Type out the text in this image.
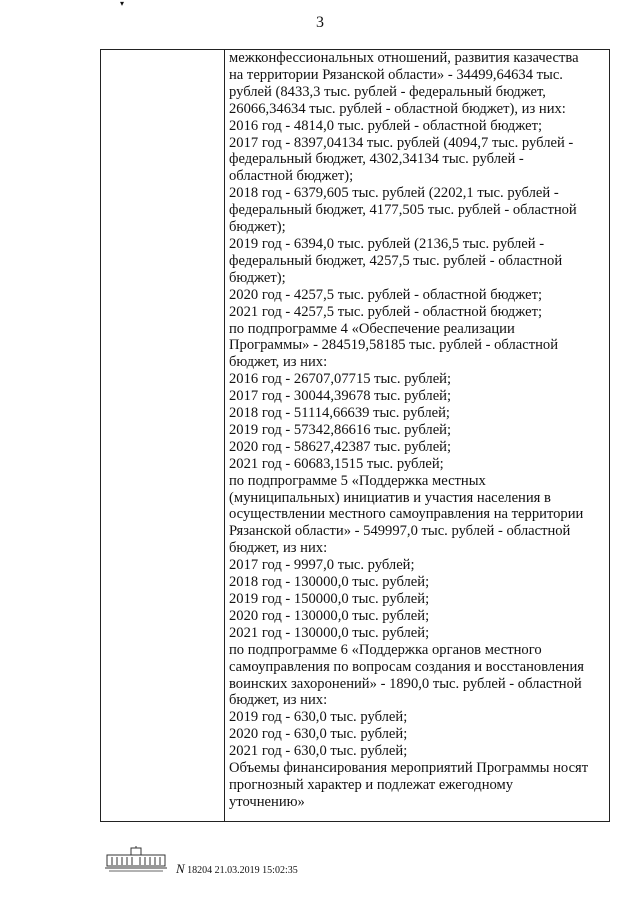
▾
3
межконфессиональных отношений, развития казачества
на территории Рязанской области» - 34499,64634 тыс.
рублей (8433,3 тыс. рублей - федеральный бюджет,
26066,34634 тыс. рублей - областной бюджет), из них:
2016 год - 4814,0 тыс. рублей - областной бюджет;
2017 год - 8397,04134 тыс. рублей (4094,7 тыс. рублей -
федеральный бюджет, 4302,34134 тыс. рублей -
областной бюджет);
2018 год - 6379,605 тыс. рублей (2202,1 тыс. рублей -
федеральный бюджет, 4177,505 тыс. рублей - областной
бюджет);
2019 год - 6394,0 тыс. рублей (2136,5 тыс. рублей -
федеральный бюджет, 4257,5 тыс. рублей - областной
бюджет);
2020 год - 4257,5 тыс. рублей - областной бюджет;
2021 год - 4257,5 тыс. рублей - областной бюджет;
по подпрограмме 4 «Обеспечение реализации
Программы» - 284519,58185 тыс. рублей - областной
бюджет, из них:
2016 год - 26707,07715 тыс. рублей;
2017 год - 30044,39678 тыс. рублей;
2018 год - 51114,66639 тыс. рублей;
2019 год - 57342,86616 тыс. рублей;
2020 год - 58627,42387 тыс. рублей;
2021 год - 60683,1515 тыс. рублей;
по подпрограмме 5 «Поддержка местных
(муниципальных) инициатив и участия населения в
осуществлении местного самоуправления на территории
Рязанской области» - 549997,0 тыс. рублей - областной
бюджет, из них:
2017 год - 9997,0 тыс. рублей;
2018 год - 130000,0 тыс. рублей;
2019 год - 150000,0 тыс. рублей;
2020 год - 130000,0 тыс. рублей;
2021 год - 130000,0 тыс. рублей;
по подпрограмме 6 «Поддержка органов местного
самоуправления по вопросам создания и восстановления
воинских захоронений» - 1890,0 тыс. рублей - областной
бюджет, из них:
2019 год - 630,0 тыс. рублей;
2020 год - 630,0 тыс. рублей;
2021 год - 630,0 тыс. рублей;
Объемы финансирования мероприятий Программы носят
прогнозный характер и подлежат ежегодному
уточнению»
N 18204 21.03.2019 15:02:35
